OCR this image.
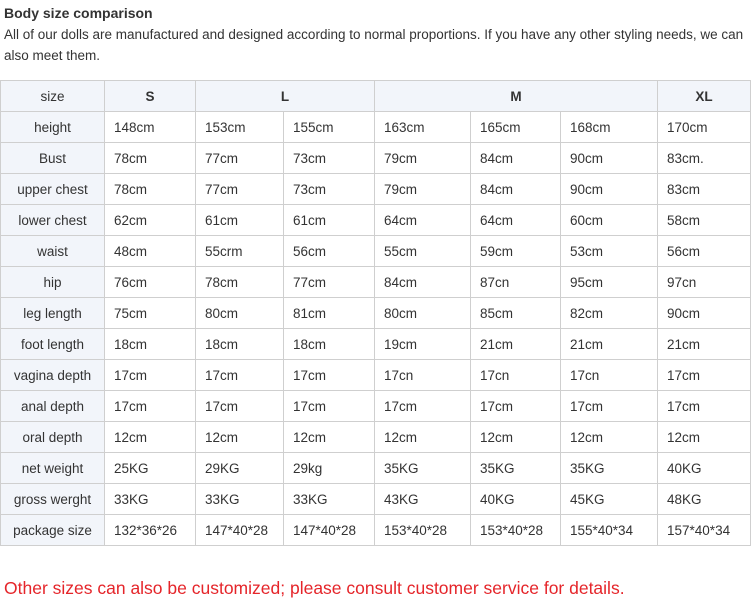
Body size comparison
All of our dolls are manufactured and designed according to normal proportions. If you have any other styling needs, we can also meet them.
size	S	L		M			XL
height	148cm	153cm	155cm	163cm	165cm	168cm	170cm
Bust	78cm	77cm	73cm	79cm	84cm	90cm	83cm.
upper chest	78cm	77cm	73cm	79cm	84cm	90cm	83cm
lower chest	62cm	61cm	61cm	64cm	64cm	60cm	58cm
waist	48cm	55crm	56cm	55cm	59cm	53cm	56cm
hip	76cm	78cm	77cm	84cm	87cn	95cm	97cn
leg length	75cm	80cm	81cm	80cm	85cm	82cm	90cm
foot length	18cm	18cm	18cm	19cm	21cm	21cm	21cm
vagina depth	17cm	17cm	17cm	17cn	17cn	17cn	17cm
anal depth	17cm	17cm	17cm	17cm	17cm	17cm	17cm
oral depth	12cm	12cm	12cm	12cm	12cm	12cm	12cm
net weight	25KG	29KG	29kg	35KG	35KG	35KG	40KG
gross werght	33KG	33KG	33KG	43KG	40KG	45KG	48KG
package size	132*36*26	147*40*28	147*40*28	153*40*28	153*40*28	155*40*34	157*40*34
Other sizes can also be customized; please consult customer service for details.
